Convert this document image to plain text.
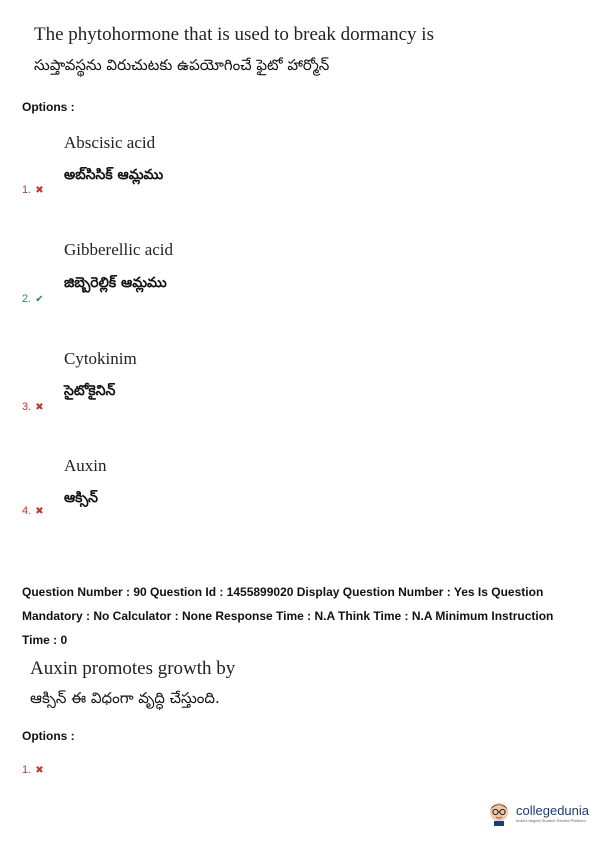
The phytohormone that is used to break dormancy is
సుప్తావస్థను విరుచుటకు ఉపయోగించే ఫైటో హార్మోన్
Options :
Abscisic acid
అబ్‌సిసిక్ ఆమ్లము
1. ✖
Gibberellic acid
జిబ్బెరెల్లిక్ ఆమ్లము
2. ✔
Cytokinim
సైటోకైనిన్
3. ✖
Auxin
ఆక్సిన్
4. ✖
Question Number : 90 Question Id : 1455899020 Display Question Number : Yes Is Question Mandatory : No Calculator : None Response Time : N.A Think Time : N.A Minimum Instruction Time : 0
Auxin promotes growth by
ఆక్సిన్ ఈ విధంగా వృద్ధి చేస్తుంది.
Options :
1. ✖
collegedunia
India's largest Student Review Platform
